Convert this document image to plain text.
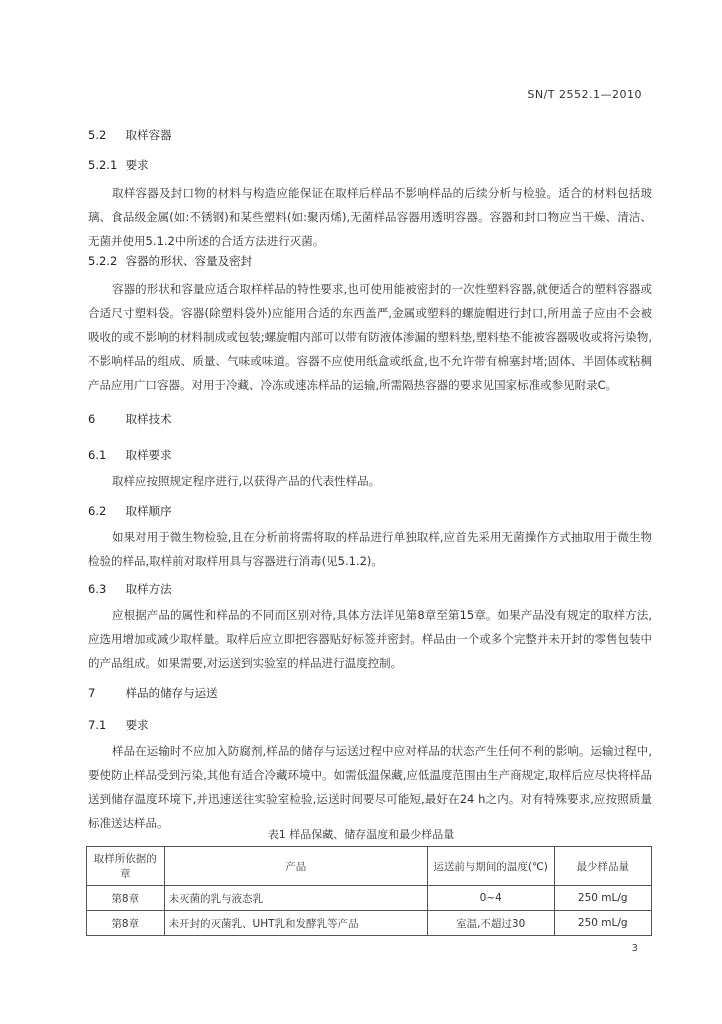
SN/T 2552.1—2010
5.2 取样容器
5.2.1 要求

取样容器及封口物的材料与构造应能保证在取样后样品不影响样品的后续分析与检验。适合的材料包括玻璃、食品级金属(如:不锈钢)和某些塑料(如:聚丙烯),无菌样品容器用透明容器。容器和封口物应当干燥、清洁、无菌并使用5.1.2中所述的合适方法进行灭菌。

5.2.2 容器的形状、容量及密封

容器的形状和容量应适合取样样品的特性要求,也可使用能被密封的一次性塑料容器,就便适合的塑料容器或合适尺寸塑料袋。容器(除塑料袋外)应能用合适的东西盖严,金属或塑料的螺旋帽进行封口,所用盖子应由不会被吸收的或不影响的材料制成或包装;螺旋帽内部可以带有防液体渗漏的塑料垫,塑料垫不能被容器吸收或将污染物,不影响样品的组成、质量、气味或味道。容器不应使用纸盒或纸盒,也不允许带有棉塞封堵;固体、半固体或粘稠产品应用广口容器。对用于冷藏、冷冻或速冻样品的运输,所需隔热容器的要求见国家标准或参见附录C。

6	取样技术
6.1 取样要求

取样应按照规定程序进行,以获得产品的代表性样品。

6.2 取样顺序

如果对用于微生物检验,且在分析前将需将取的样品进行单独取样,应首先采用无菌操作方式抽取用于微生物检验的样品,取样前对取样用具与容器进行消毒(见5.1.2)。

6.3 取样方法

应根据产品的属性和样品的不同而区别对待,具体方法详见第8章至第15章。如果产品没有规定的取样方法,应选用增加或减少取样量。取样后应立即把容器贴好标签并密封。样品由一个或多个完整并未开封的零售包装中的产品组成。如果需要,对运送到实验室的样品进行温度控制。

7	样品的储存与运送
7.1 要求

样品在运输时不应加入防腐剂,样品的储存与运送过程中应对样品的状态产生任何不利的影响。运输过程中,要使防止样品受到污染,其他有适合冷藏环境中。如需低温保藏,应低温度范围由生产商规定,取样后应尽快将样品送到储存温度环境下,并迅速送往实验室检验,运送时间要尽可能短,最好在24 h之内。对有特殊要求,应按照质量标准送达样品。

表1 样品保藏、储存温度和最少样品量
取样所依据的章	产品	运送前与期间的温度(℃)	最少样品量
第8章	未灭菌的乳与液态乳	0~4	250 mL/g
第8章	未开封的灭菌乳、UHT乳和发酵乳等产品	室温,不超过30	250 mL/g
3
